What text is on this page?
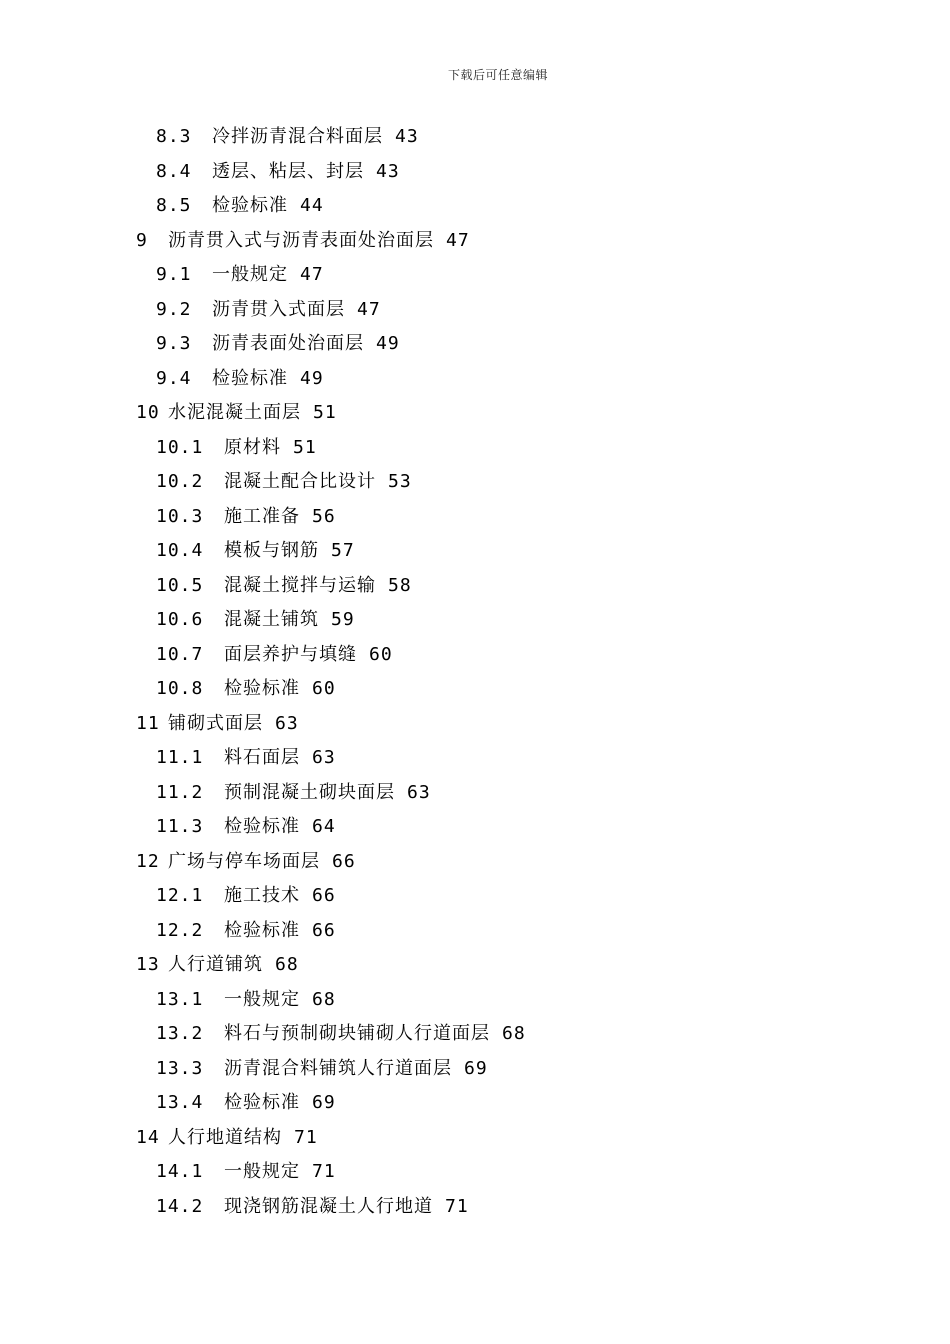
下载后可任意编辑
8.3 冷拌沥青混合料面层 43
8.4 透层、粘层、封层 43
8.5 检验标准 44
9 沥青贯入式与沥青表面处治面层 47
9.1 一般规定 47
9.2 沥青贯入式面层 47
9.3 沥青表面处治面层 49
9.4 检验标准 49
10 水泥混凝土面层 51
10.1 原材料 51
10.2 混凝土配合比设计 53
10.3 施工准备 56
10.4 模板与钢筋 57
10.5 混凝土搅拌与运输 58
10.6 混凝土铺筑 59
10.7 面层养护与填缝 60
10.8 检验标准 60
11 铺砌式面层 63
11.1 料石面层 63
11.2 预制混凝土砌块面层 63
11.3 检验标准 64
12 广场与停车场面层 66
12.1 施工技术 66
12.2 检验标准 66
13 人行道铺筑 68
13.1 一般规定 68
13.2 料石与预制砌块铺砌人行道面层 68
13.3 沥青混合料铺筑人行道面层 69
13.4 检验标准 69
14 人行地道结构 71
14.1 一般规定 71
14.2 现浇钢筋混凝土人行地道 71
